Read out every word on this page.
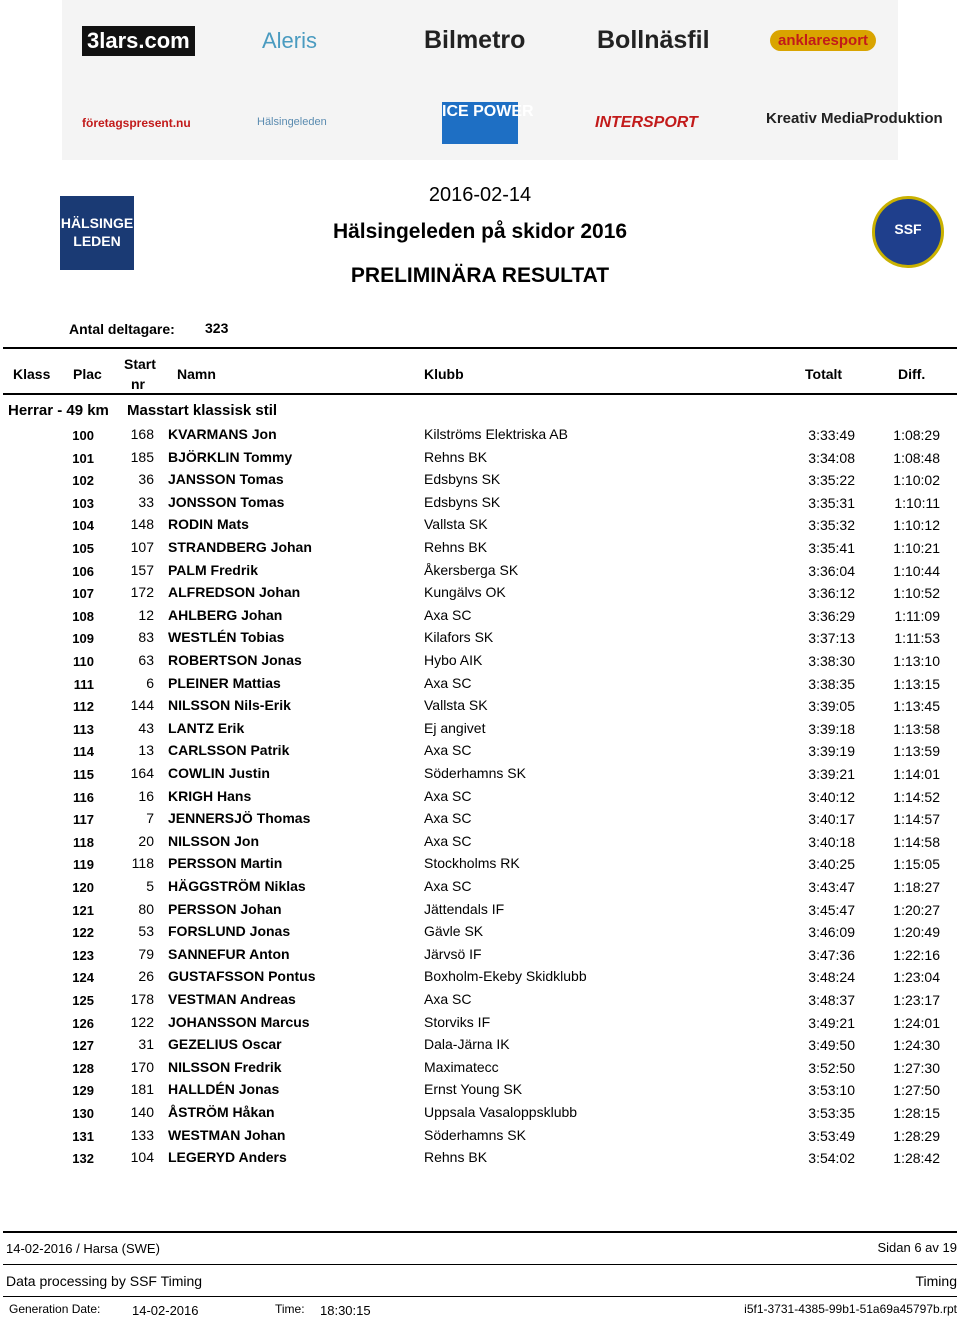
3lars.com	Aleris	Bilmetro	Bollnäsfil	anklaresport
företagspresent.nu	Hälsingeleden
ICE POWER
INTERSPORT	Kreativ MediaProduktion
HÄLSINGE LEDEN
SSF
2016-02-14
Hälsingeleden på skidor 2016
PRELIMINÄRA RESULTAT
Antal deltagare: 323
Klass Plac
Start
nr
Namn	Klubb	Totalt	Diff.
Herrar - 49 km Masstart klassisk stil
100	168 KVARMANS Jon	Kilströms Elektriska AB	3:33:49	1:08:29
101	185 BJÖRKLIN Tommy	Rehns BK	3:34:08	1:08:48
102	36 JANSSON Tomas	Edsbyns SK	3:35:22	1:10:02
103	33 JONSSON Tomas	Edsbyns SK	3:35:31	1:10:11
104	148 RODIN Mats	Vallsta SK	3:35:32	1:10:12
105	107 STRANDBERG Johan	Rehns BK	3:35:41	1:10:21
106	157 PALM Fredrik	Åkersberga SK	3:36:04	1:10:44
107	172 ALFREDSON Johan	Kungälvs OK	3:36:12	1:10:52
108	12 AHLBERG Johan	Axa SC	3:36:29	1:11:09
109	83 WESTLÉN Tobias	Kilafors SK	3:37:13	1:11:53
110	63 ROBERTSON Jonas	Hybo AIK	3:38:30	1:13:10
111	6 PLEINER Mattias	Axa SC	3:38:35	1:13:15
112	144 NILSSON Nils-Erik	Vallsta SK	3:39:05	1:13:45
113	43 LANTZ Erik	Ej angivet	3:39:18	1:13:58
114	13 CARLSSON Patrik	Axa SC	3:39:19	1:13:59
115	164 COWLIN Justin	Söderhamns SK	3:39:21	1:14:01
116	16 KRIGH Hans	Axa SC	3:40:12	1:14:52
117	7 JENNERSJÖ Thomas	Axa SC	3:40:17	1:14:57
118	20 NILSSON Jon	Axa SC	3:40:18	1:14:58
119	118 PERSSON Martin	Stockholms RK	3:40:25	1:15:05
120	5 HÄGGSTRÖM Niklas	Axa SC	3:43:47	1:18:27
121	80 PERSSON Johan	Jättendals IF	3:45:47	1:20:27
122	53 FORSLUND Jonas	Gävle SK	3:46:09	1:20:49
123	79 SANNEFUR Anton	Järvsö IF	3:47:36	1:22:16
124	26 GUSTAFSSON Pontus	Boxholm-Ekeby Skidklubb	3:48:24	1:23:04
125	178 VESTMAN Andreas	Axa SC	3:48:37	1:23:17
126	122 JOHANSSON Marcus	Storviks IF	3:49:21	1:24:01
127	31 GEZELIUS Oscar	Dala-Järna IK	3:49:50	1:24:30
128	170 NILSSON Fredrik	Maximatecc	3:52:50	1:27:30
129	181 HALLDÉN Jonas	Ernst Young SK	3:53:10	1:27:50
130	140 ÅSTRÖM Håkan	Uppsala Vasaloppsklubb	3:53:35	1:28:15
131	133 WESTMAN Johan	Söderhamns SK	3:53:49	1:28:29
132	104 LEGERYD Anders	Rehns BK	3:54:02	1:28:42
14-02-2016 / Harsa (SWE)	Sidan 6 av 19
Data processing by SSF Timing	Timing
Generation Date: 14-02-2016	Time: 18:30:15	i5f1-3731-4385-99b1-51a69a45797b.rpt
